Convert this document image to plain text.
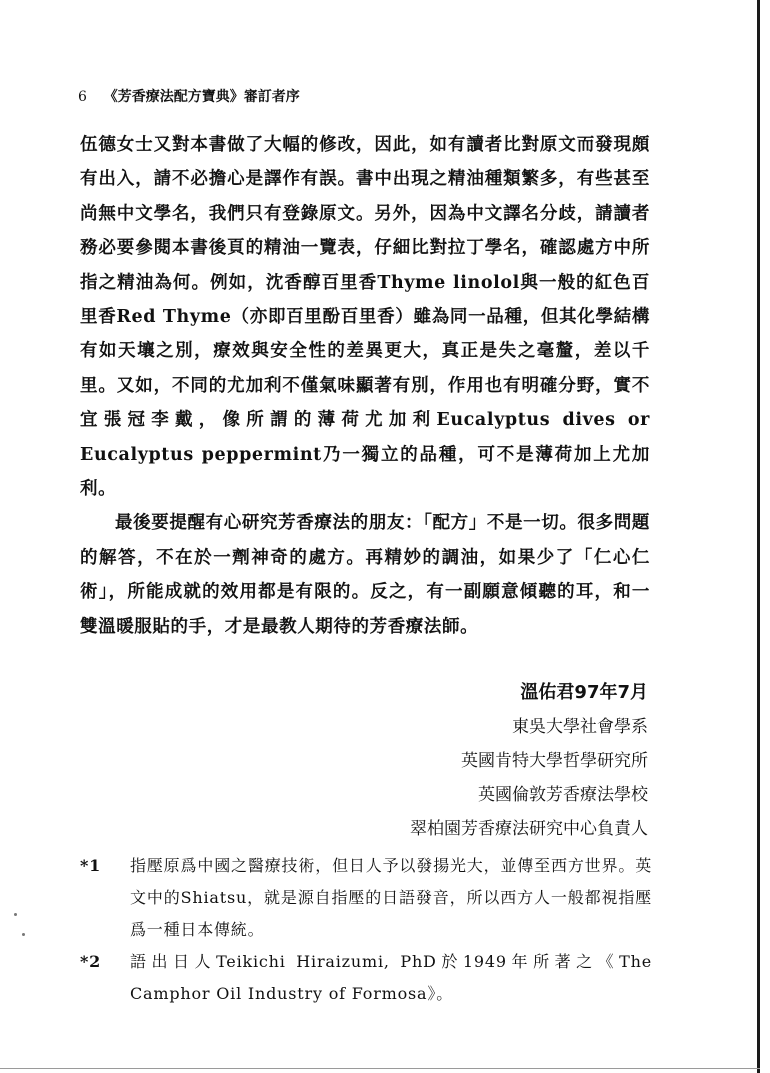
6 《芳香療法配方寶典》審訂者序

伍德女士又對本書做了大幅的修改，因此，如有讀者比對原文而發現頗有出入，請不必擔心是譯作有誤。書中出現之精油種類繁多，有些甚至尚無中文學名，我們只有登錄原文。另外，因為中文譯名分歧，請讀者務必要參閱本書後頁的精油一覽表，仔細比對拉丁學名，確認處方中所指之精油為何。例如，沈香醇百里香Thyme linolol與一般的紅色百里香Red Thyme（亦即百里酚百里香）雖為同一品種，但其化學結構有如天壤之別，療效與安全性的差異更大，真正是失之毫釐，差以千里。又如，不同的尤加利不僅氣味顯著有別，作用也有明確分野，實不宜張冠李戴，像所謂的薄荷尤加利Eucalyptus dives or Eucalyptus peppermint乃一獨立的品種，可不是薄荷加上尤加利。

最後要提醒有心研究芳香療法的朋友：「配方」不是一切。很多問題的解答，不在於一劑神奇的處方。再精妙的調油，如果少了「仁心仁術」，所能成就的效用都是有限的。反之，有一副願意傾聽的耳，和一雙溫暖服貼的手，才是最教人期待的芳香療法師。

溫佑君97年7月
東吳大學社會學系
英國肯特大學哲學研究所
英國倫敦芳香療法學校
翠柏園芳香療法研究中心負責人
*1 指壓原爲中國之醫療技術，但日人予以發揚光大，並傳至西方世界。英文中的Shiatsu，就是源自指壓的日語發音，所以西方人一般都視指壓爲一種日本傳統。
*2 語出日人Teikichi Hiraizumi, PhD於1949年所著之《The Camphor Oil Industry of Formosa》。
